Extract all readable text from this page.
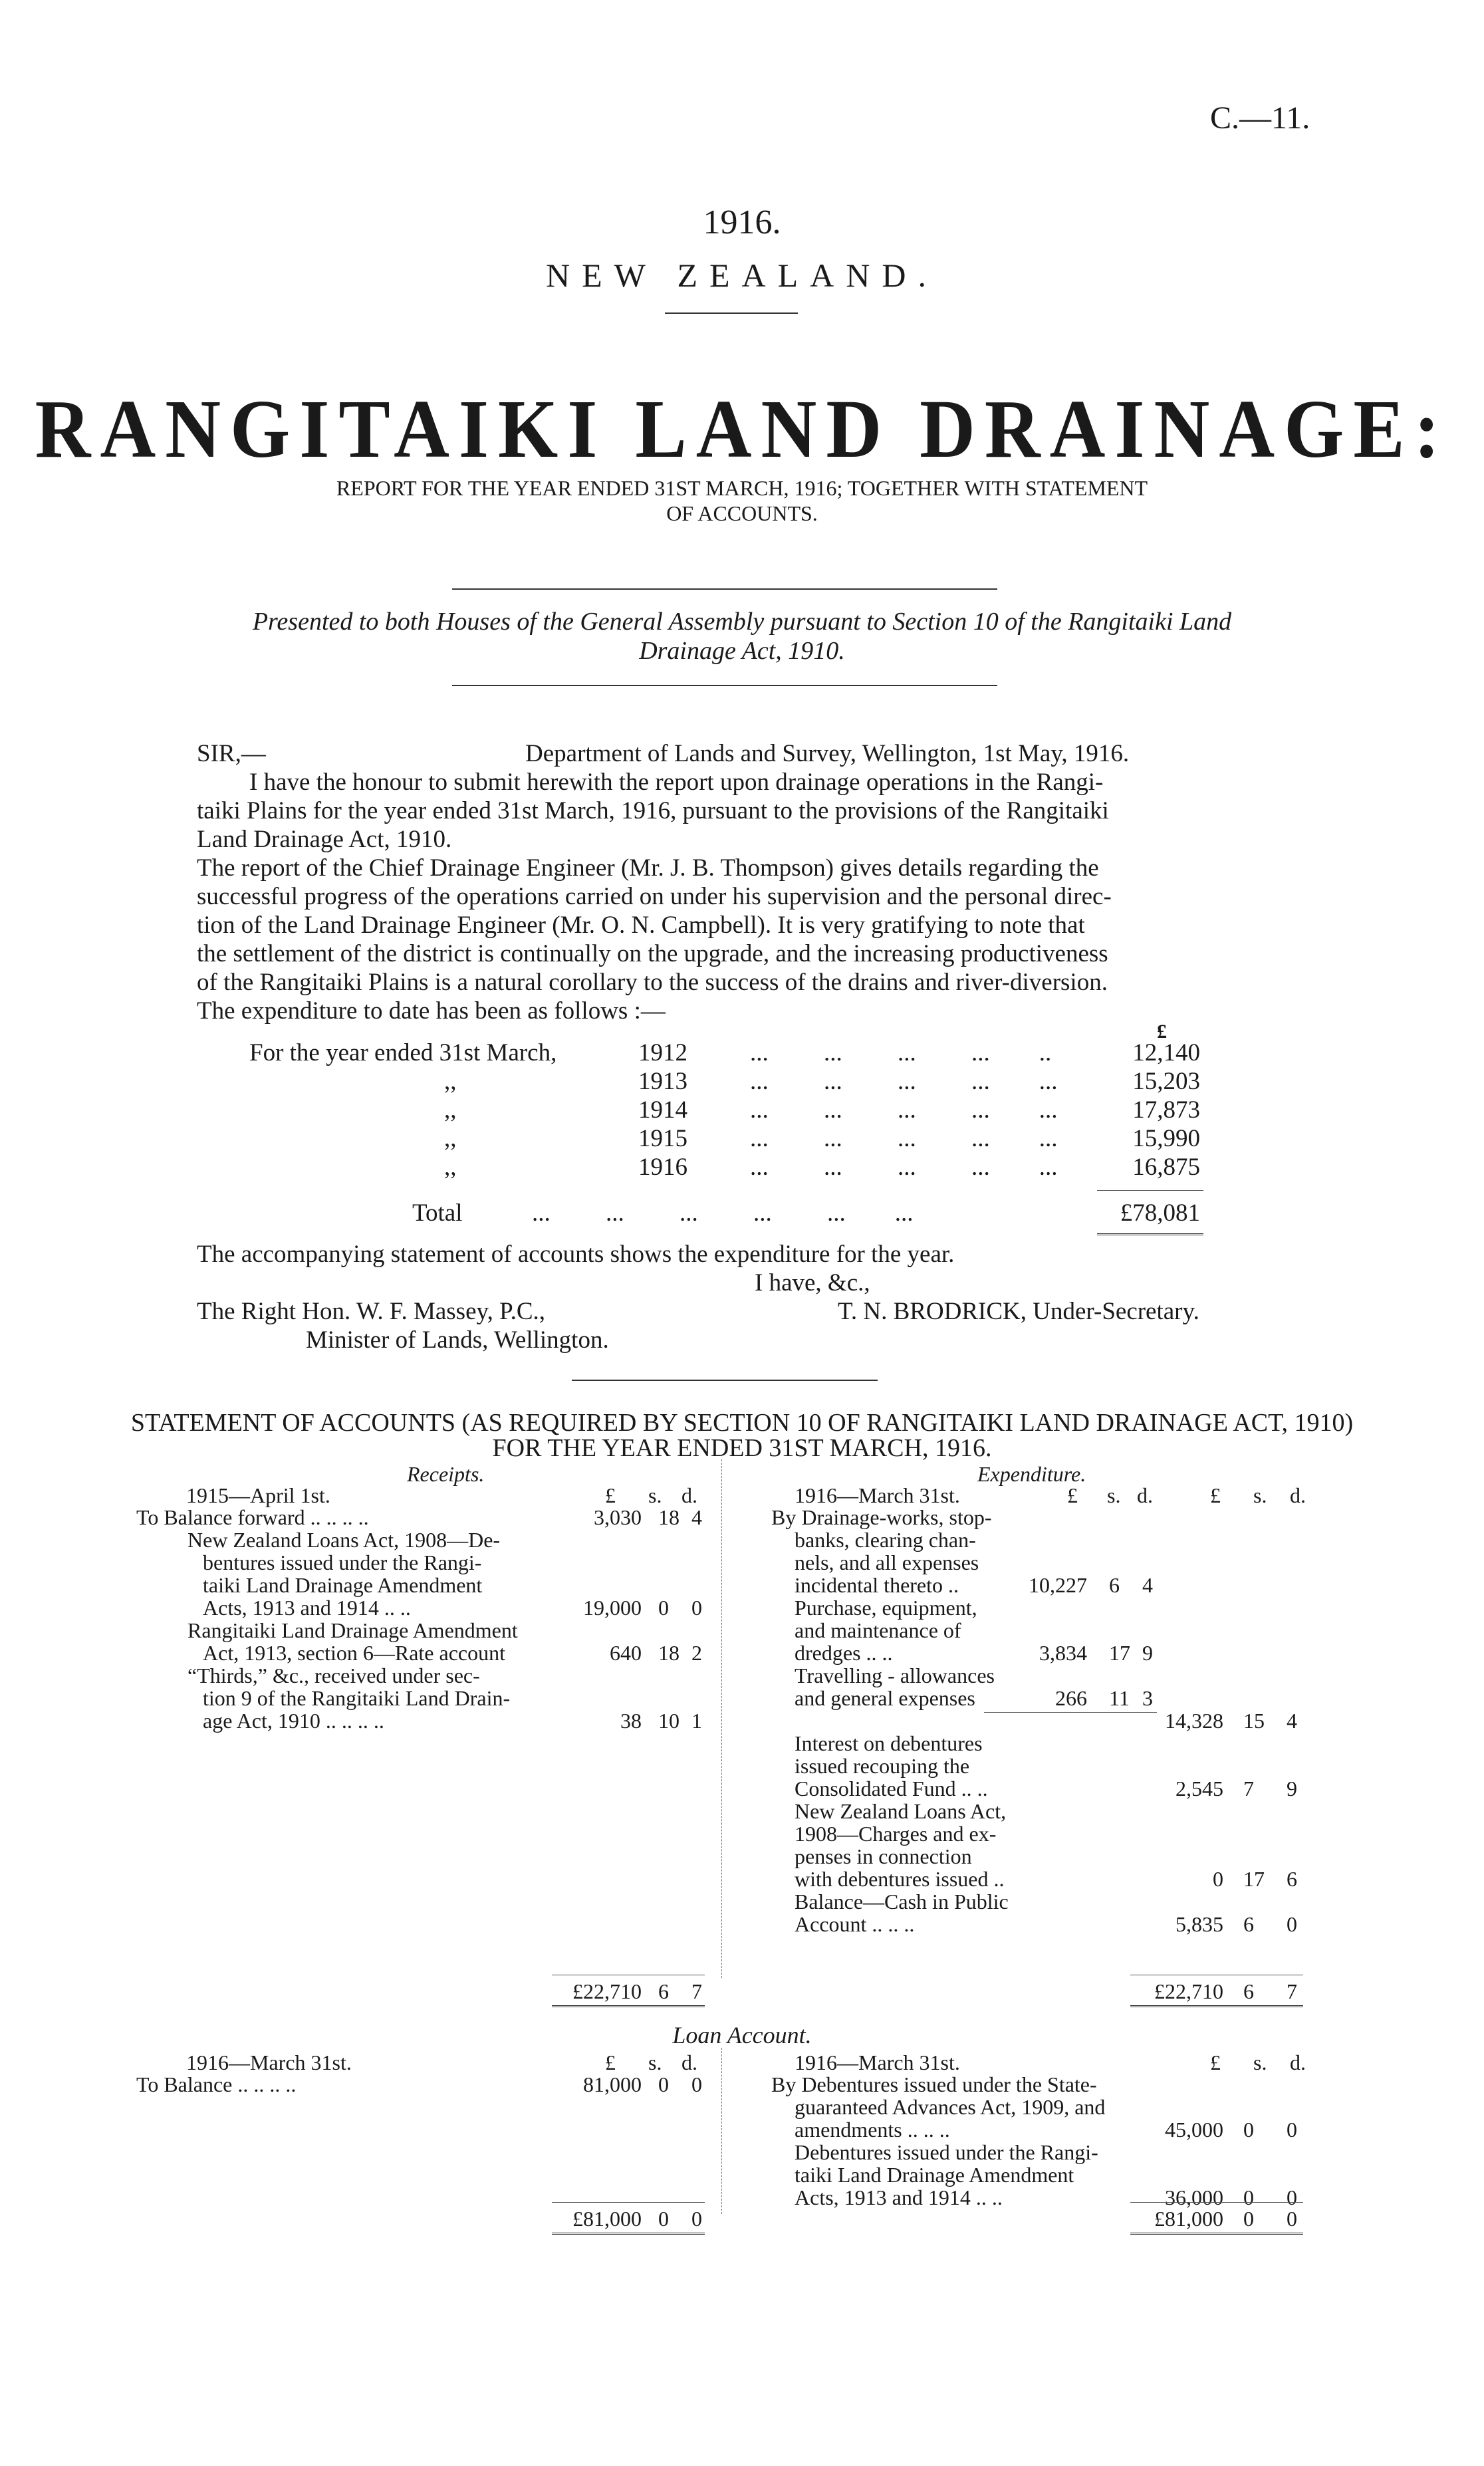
C.—11.
1916.
NEW ZEALAND.
RANGITAIKI LAND DRAINAGE:
REPORT FOR THE YEAR ENDED 31ST MARCH, 1916; TOGETHER WITH STATEMENT
OF ACCOUNTS.
Presented to both Houses of the General Assembly pursuant to Section 10 of the Rangitaiki Land
Drainage Act, 1910.
SIR,—	Department of Lands and Survey, Wellington, 1st May, 1916.
I have the honour to submit herewith the report upon drainage operations in the Rangi-
taiki Plains for the year ended 31st March, 1916, pursuant to the provisions of the Rangitaiki
Land Drainage Act, 1910.
The report of the Chief Drainage Engineer (Mr. J. B. Thompson) gives details regarding the
successful progress of the operations carried on under his supervision and the personal direc-
tion of the Land Drainage Engineer (Mr. O. N. Campbell). It is very gratifying to note that
the settlement of the district is continually on the upgrade, and the increasing productiveness
of the Rangitaiki Plains is a natural corollary to the success of the drains and river-diversion.
The expenditure to date has been as follows :—
£
For the year ended 31st March,	1912	...         ...         ...         ...        ..	12,140
,,	1913	...         ...         ...         ...        ...	15,203
,,	1914	...         ...         ...         ...        ...	17,873
,,	1915	...         ...         ...         ...        ...	15,990
,,	1916	...         ...         ...         ...        ...	16,875
Total	...         ...         ...         ...         ...        ...	£78,081
The accompanying statement of accounts shows the expenditure for the year.
I have, &c.,
The Right Hon. W. F. Massey, P.C.,	T. N. BRODRICK, Under-Secretary.
Minister of Lands, Wellington.
STATEMENT OF ACCOUNTS (AS REQUIRED BY SECTION 10 OF RANGITAIKI LAND DRAINAGE ACT, 1910)
FOR THE YEAR ENDED 31ST MARCH, 1916.
Receipts.
£ s. d.
1915—April 1st.
To Balance forward .. .. .. ..	3,030 18 4
New Zealand Loans Act, 1908—De-
bentures issued under the Rangi-
taiki Land Drainage Amendment
Acts, 1913 and 1914 .. ..	19,000 0 0
Rangitaiki Land Drainage Amendment
Act, 1913, section 6—Rate account	640 18 2
“Thirds,” &c., received under sec-
tion 9 of the Rangitaiki Land Drain-
age Act, 1910 .. .. .. ..	38 10 1
£22,710 6 7
Expenditure.
1916—March 31st.	£ s. d.	£ s. d.
By Drainage-works, stop-
banks, clearing chan-
nels, and all expenses
incidental thereto ..	10,227 6 4
Purchase, equipment,
and maintenance of
dredges .. ..	3,834 17 9
Travelling - allowances
and general expenses	266 11 3
14,328 15 4
Interest on debentures
issued recouping the
Consolidated Fund .. ..	2,545 7 9
New Zealand Loans Act,
1908—Charges and ex-
penses in connection
with debentures issued ..	0 17 6
Balance—Cash in Public
Account .. .. ..	5,835 6 0
£22,710 6 7
Loan Account.
1916—March 31st.	£ s. d.
To Balance .. .. .. ..	81,000 0 0
1916—March 31st.	£ s. d.
By Debentures issued under the State-
guaranteed Advances Act, 1909, and
amendments .. .. ..	45,000 0 0
Debentures issued under the Rangi-
taiki Land Drainage Amendment
Acts, 1913 and 1914 .. ..	36,000 0 0
£81,000 0 0	£81,000 0 0
